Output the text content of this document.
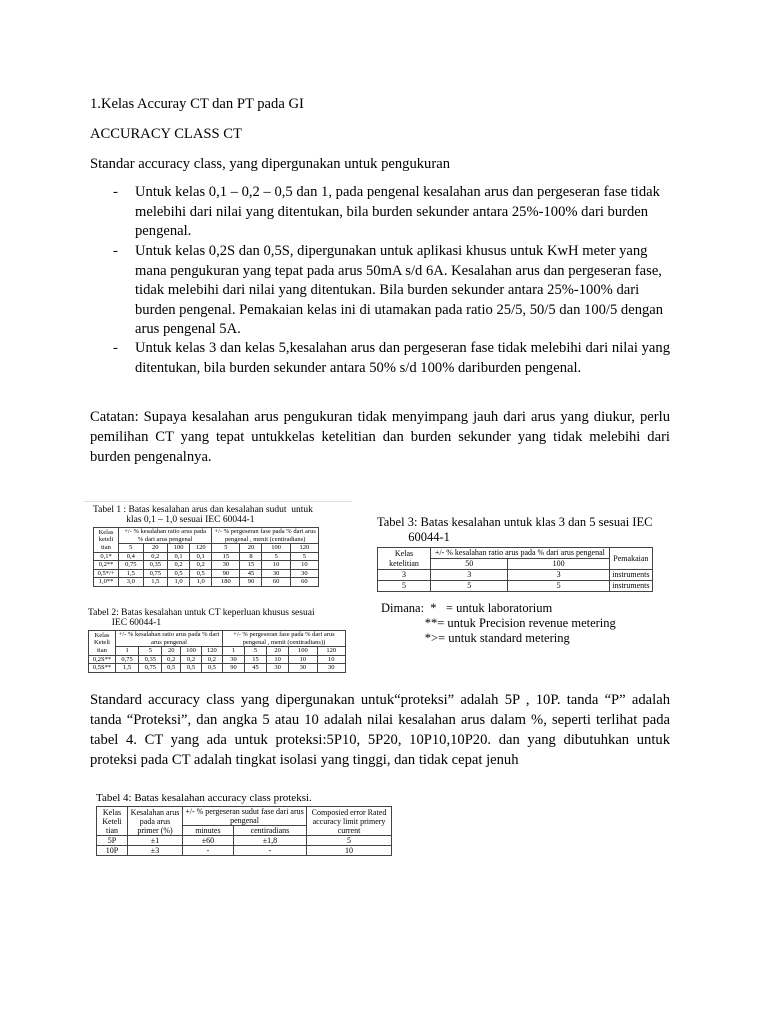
1.Kelas Accuray CT dan PT pada GI
ACCURACY CLASS CT
Standar accuracy class, yang dipergunakan untuk pengukuran
- Untuk kelas 0,1 – 0,2 – 0,5 dan 1, pada pengenal kesalahan arus dan pergeseran fase tidak melebihi dari nilai yang ditentukan, bila burden sekunder antara 25%-100% dari burden pengenal.
- Untuk kelas 0,2S dan 0,5S, dipergunakan untuk aplikasi khusus untuk KwH meter yang mana pengukuran yang tepat pada arus 50mA s/d 6A. Kesalahan arus dan pergeseran fase, tidak melebihi dari nilai yang ditentukan. Bila burden sekunder antara 25%-100% dari burden pengenal. Pemakaian kelas ini di utamakan pada ratio 25/5, 50/5 dan 100/5 dengan arus pengenal 5A.
- Untuk kelas 3 dan kelas 5,kesalahan arus dan pergeseran fase tidak melebihi dari nilai yang ditentukan, bila burden sekunder antara 50% s/d 100% dariburden pengenal.
Catatan: Supaya kesalahan arus pengukuran tidak menyimpang jauh dari arus yang diukur, perlu pemilihan CT yang tepat untukkelas ketelitian dan burden sekunder yang tidak melebihi dari burden pengenalnya.
Tabel 1 : Batas kesalahan arus dan kesalahan sudut  untuk
klas 0,1 – 1,0 sesuai IEC 60044-1
Kelas keteli tian	+/- % kesalahan ratio arus pada % dari arus pengenal				+/- % pergeseran fase pada % dari arus pengenal , menit (centiradians)			
	5	20	100	120	5	20	100	120
0,1*	0,4	0,2	0,1	0,1	15	8	5	5
0,2**	0,75	0,35	0,2	0,2	30	15	10	10
0,5*/+	1,5	0,75	0,5	0,5	90	45	30	30
1,0**	3,0	1,5	1,0	1,0	180	90	60	60
Tabel 2: Batas kesalahan untuk CT keperluan khusus sesuai
IEC 60044-1
Kelas Keteli tian	+/- % kesalahan ratio arus pada % dari arus pengenal					+/- % pergeseran fase pada % dari arus pengenal , menit (centiradians))				
	1	5	20	100	120	1	5	20	100	120
0,2S**	0,75	0,35	0,2	0,2	0,2	30	15	10	10	10
0,5S**	1,5	0,75	0,5	0,5	0,5	90	45	30	30	30
Tabel 3: Batas kesalahan untuk klas 3 dan 5 sesuai IEC
60044-1
Kelas ketelitian	+/- % kesalahan ratio arus pada % dari arus pengenal		Pemakaian
	50	100	
3	3	3	instruments
5	5	5	instruments
Dimana:  *   = untuk laboratorium
**= untuk Precision revenue metering
*>= untuk standard metering
Standard accuracy class yang dipergunakan untuk“proteksi” adalah 5P , 10P. tanda “P” adalah tanda “Proteksi”, dan angka 5 atau 10 adalah nilai kesalahan arus dalam %, seperti terlihat pada tabel 4. CT yang ada untuk proteksi:5P10, 5P20, 10P10,10P20. dan yang dibutuhkan untuk proteksi pada CT adalah tingkat isolasi yang tinggi, dan tidak cepat jenuh
Tabel 4: Batas kesalahan accuracy class proteksi.
Kelas Keteli tian	Kesalahan arus pada arus primer (%)	+/- % pergeseran sudut fase dari arus pengenal		Composied error Rated accuracy limit primery current
		minutes	centiradians	
5P	±1	±60	±1,8	5
10P	±3	-	-	10
